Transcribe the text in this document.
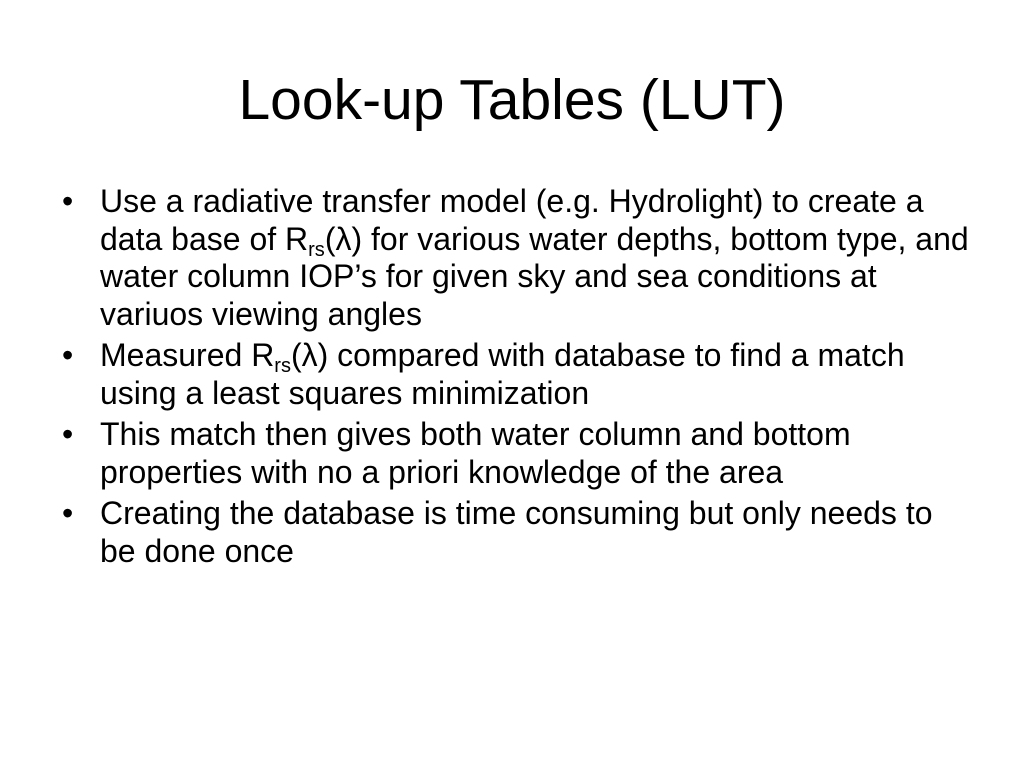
Look-up Tables (LUT)
• Use a radiative transfer model (e.g. Hydrolight) to create a data base of $R_{rs}(\lambda)$ for various water depths, bottom type, and water column IOP’s for given sky and sea conditions at variuos viewing angles
• Measured $R_{rs}(\lambda)$ compared with database to find a match using a least squares minimization
• This match then gives both water column and bottom properties with no a priori knowledge of the area
• Creating the database is time consuming but only needs to be done once
